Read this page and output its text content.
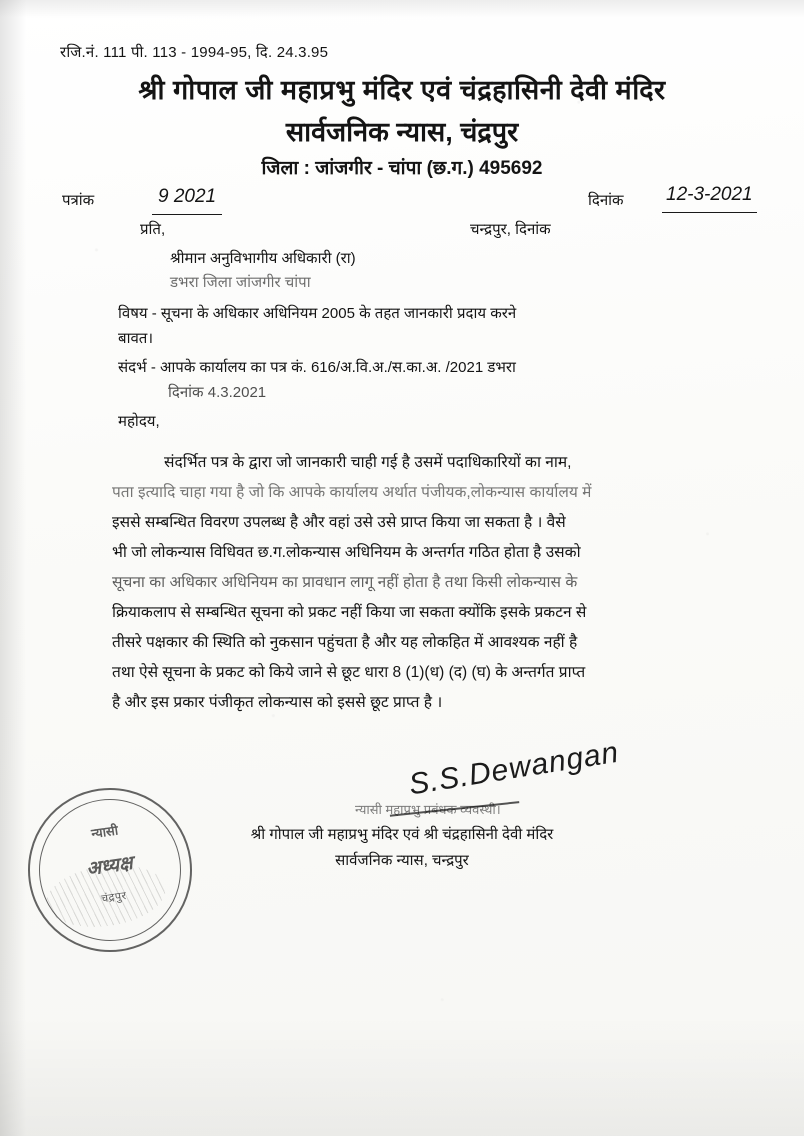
रजि.नं. 111 पी. 113 - 1994-95, दि. 24.3.95
श्री गोपाल जी महाप्रभु मंदिर एवं चंद्रहासिनी देवी मंदिर
सार्वजनिक न्यास, चंद्रपुर
जिला : जांजगीर - चांपा (छ.ग.) 495692
पत्रांक	9 2021	दिनांक 12-3-2021
चन्द्रपुर, दिनांक
प्रति,
श्रीमान अनुविभागीय अधिकारी (रा)
डभरा जिला जांजगीर चांपा
विषय - सूचना के अधिकार अधिनियम 2005 के तहत जानकारी प्रदाय करने
बावत।
संदर्भ - आपके कार्यालय का पत्र कं. 616/अ.वि.अ./स.का.अ. /2021 डभरा
दिनांक 4.3.2021
महोदय,
संदर्भित पत्र के द्वारा जो जानकारी चाही गई है उसमें पदाधिकारियों का नाम,
पता इत्यादि चाहा गया है जो कि आपके कार्यालय अर्थात पंजीयक,लोकन्यास कार्यालय में
इससे सम्बन्धित विवरण उपलब्ध है और वहां उसे उसे प्राप्त किया जा सकता है । वैसे
भी जो लोकन्यास विधिवत छ.ग.लोकन्यास अधिनियम के अन्तर्गत गठित होता है उसको
सूचना का अधिकार अधिनियम का प्रावधान लागू नहीं होता है तथा किसी लोकन्यास के
क्रियाकलाप से सम्बन्धित सूचना को प्रकट नहीं किया जा सकता क्योंकि इसके प्रकटन से
तीसरे पक्षकार की स्थिति को नुकसान पहुंचता है और यह लोकहित में आवश्यक नहीं है
तथा ऐसे सूचना के प्रकट को किये जाने से छूट धारा 8 (1)(ध) (द) (घ) के अन्तर्गत प्राप्त
है और इस प्रकार पंजीकृत लोकन्यास को इससे छूट प्राप्त है ।
S.S.Dewangan
न्यासी महाप्रभु प्रबंधक व्यवस्थी।
श्री गोपाल जी महाप्रभु मंदिर एवं श्री चंद्रहासिनी देवी मंदिर
सार्वजनिक न्यास, चन्द्रपुर
न्यासी
अध्यक्ष
चंद्रपुर
